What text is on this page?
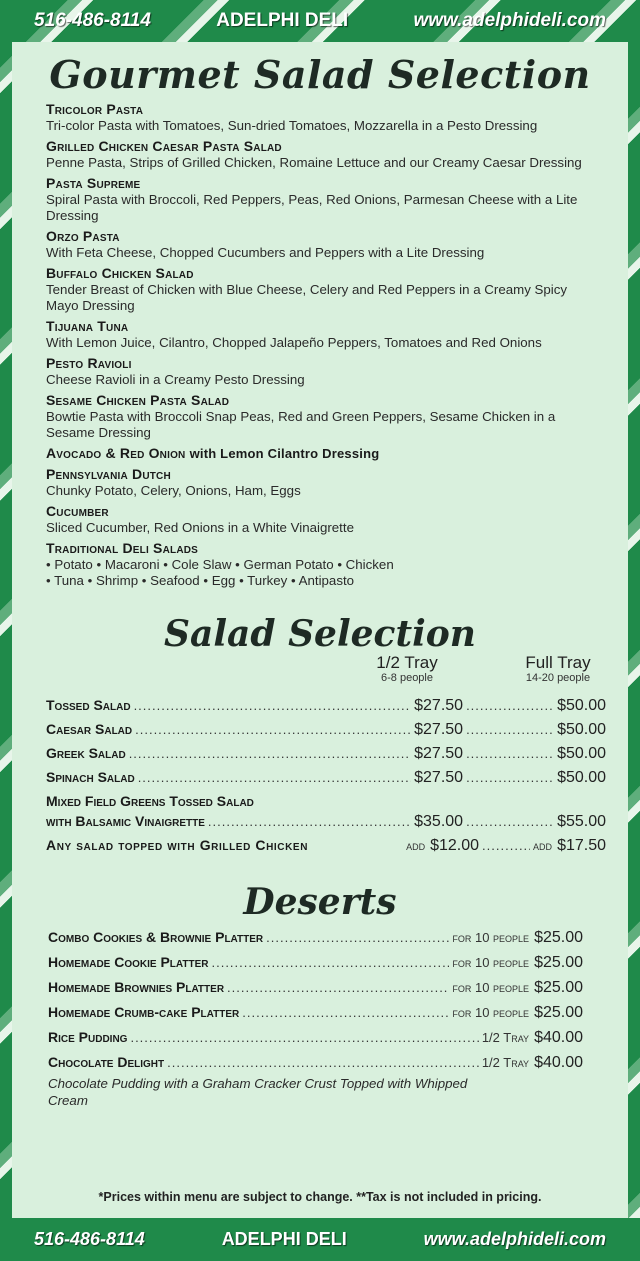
516-486-8114	ADELPHI DELI	www.adelphideli.com
Gourmet Salad Selection
Tricolor Pasta
Tri-color Pasta with Tomatoes, Sun-dried Tomatoes, Mozzarella in a Pesto Dressing
Grilled Chicken Caesar Pasta Salad
Penne Pasta, Strips of Grilled Chicken, Romaine Lettuce and our Creamy Caesar Dressing
Pasta Supreme
Spiral Pasta with Broccoli, Red Peppers, Peas, Red Onions, Parmesan Cheese with a Lite Dressing
Orzo Pasta
With Feta Cheese, Chopped Cucumbers and Peppers with a Lite Dressing
Buffalo Chicken Salad
Tender Breast of Chicken with Blue Cheese, Celery and Red Peppers in a Creamy Spicy Mayo Dressing
Tijuana Tuna
With Lemon Juice, Cilantro, Chopped Jalapeño Peppers, Tomatoes and Red Onions
Pesto Ravioli
Cheese Ravioli in a Creamy Pesto Dressing
Sesame Chicken Pasta Salad
Bowtie Pasta with Broccoli Snap Peas, Red and Green Peppers, Sesame Chicken in a Sesame Dressing
Avocado & Red Onion with Lemon Cilantro Dressing
Pennsylvania Dutch
Chunky Potato, Celery, Onions, Ham, Eggs
Cucumber
Sliced Cucumber, Red Onions in a White Vinaigrette
Traditional Deli Salads
• Potato • Macaroni • Cole Slaw • German Potato • Chicken
• Tuna • Shrimp • Seafood • Egg • Turkey • Antipasto
Salad Selection
1/2 Tray
6-8 people
Full Tray
14-20 people
Tossed Salad .....	$27.50 .....	$50.00
Caesar Salad .....	$27.50 .....	$50.00
Greek Salad .....	$27.50 .....	$50.00
Spinach Salad .....	$27.50 .....	$50.00
Mixed Field Greens Tossed Salad
with Balsamic Vinaigrette .....	$35.00 .....	$55.00
Any salad topped with Grilled Chicken	add $12.00 .....	add $17.50
Deserts
Combo Cookies & Brownie Platter .....	for 10 people $25.00
Homemade Cookie Platter .....	for 10 people $25.00
Homemade Brownies Platter .....	for 10 people $25.00
Homemade Crumb-cake Platter .....	for 10 people $25.00
Rice Pudding .....	1/2 Tray $40.00
Chocolate Delight .....	1/2 Tray $40.00
Chocolate Pudding with a Graham Cracker Crust Topped with Whipped Cream
*Prices within menu are subject to change. **Tax is not included in pricing.
516-486-8114	ADELPHI DELI	www.adelphideli.com
